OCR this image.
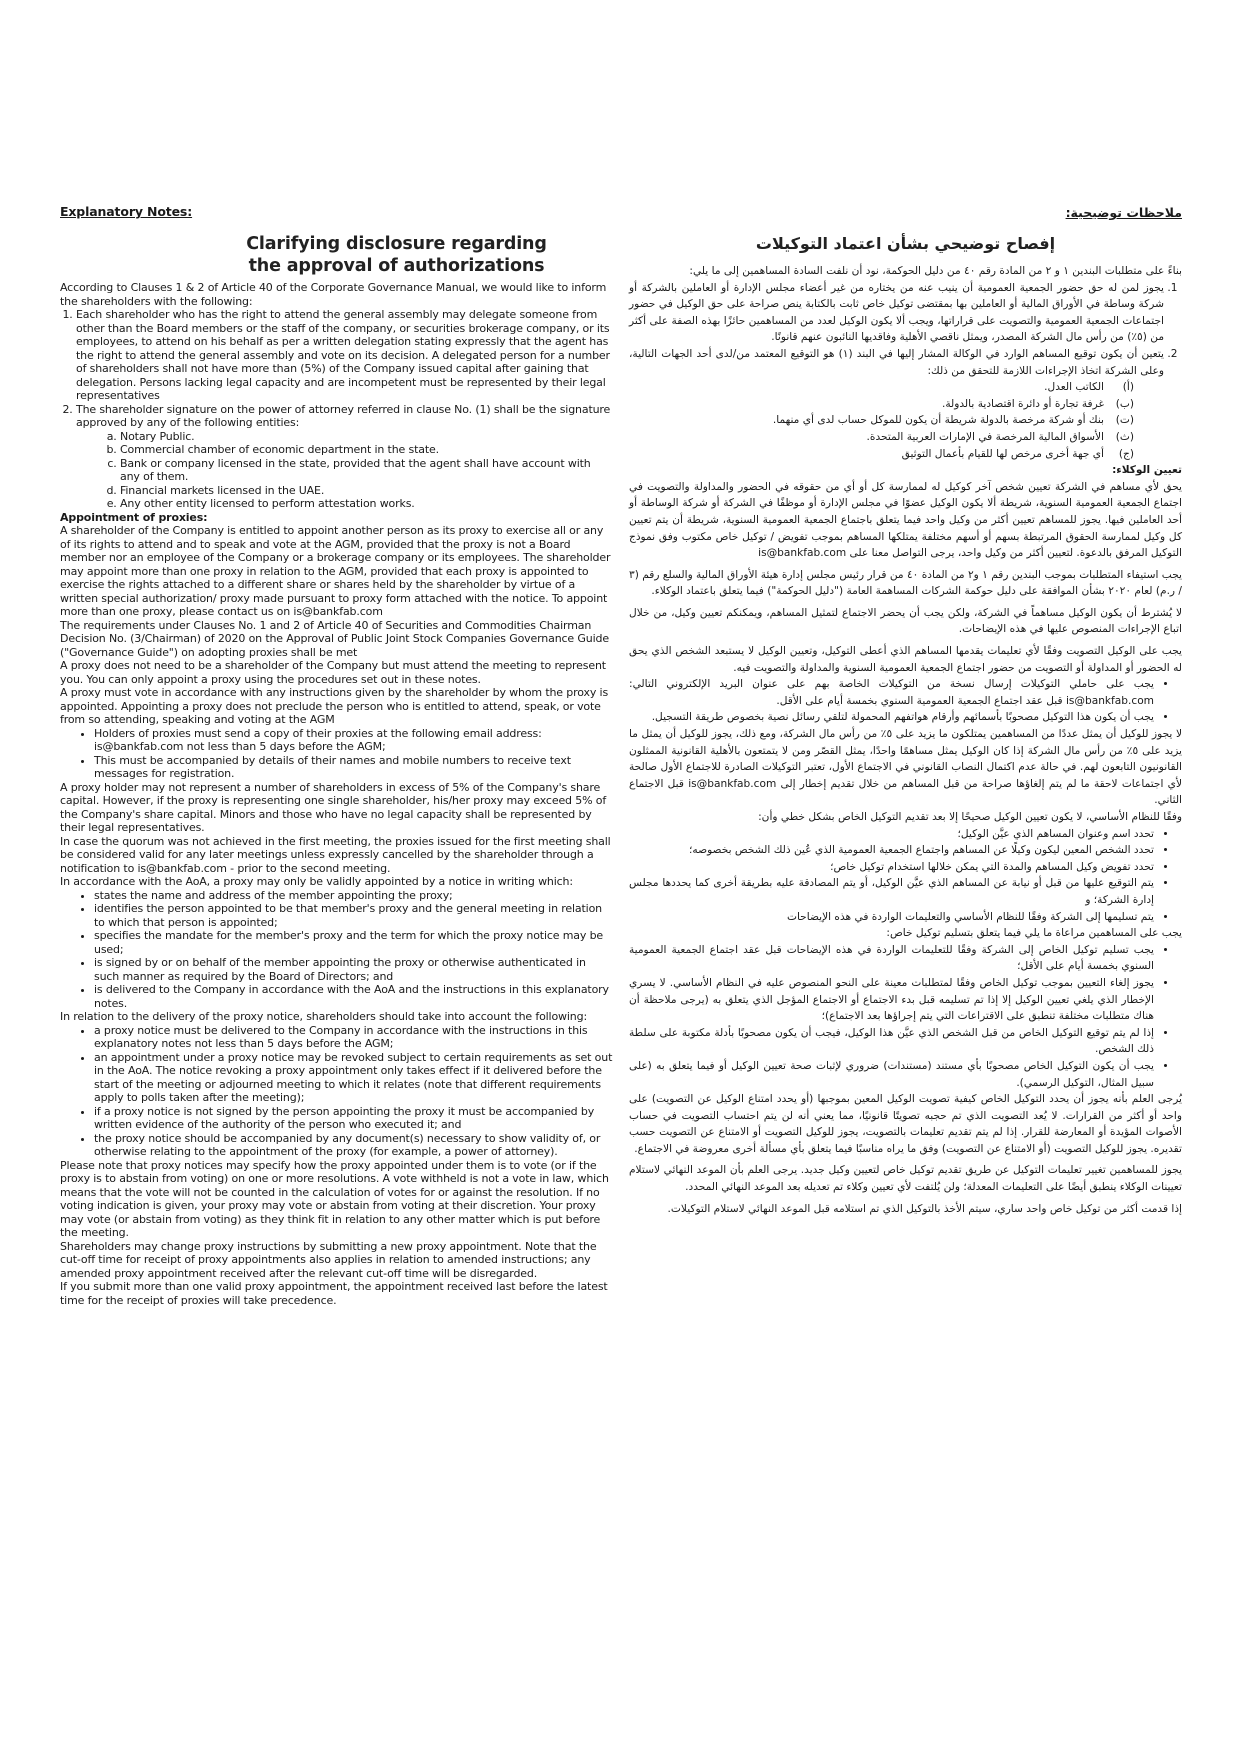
Explanatory Notes:
Clarifying disclosure regarding
the approval of authorizations

According to Clauses 1 & 2 of Article 40 of the Corporate Governance Manual, we would like to inform the shareholders with the following:

1. Each shareholder who has the right to attend the general assembly may delegate someone from other than the Board members or the staff of the company, or securities brokerage company, or its employees, to attend on his behalf as per a written delegation stating expressly that the agent has the right to attend the general assembly and vote on its decision. A delegated person for a number of shareholders shall not have more than (5%) of the Company issued capital after gaining that delegation. Persons lacking legal capacity and are incompetent must be represented by their legal representatives
2. The shareholder signature on the power of attorney referred in clause No. (1) shall be the signature approved by any of the following entities:
a. Notary Public.
b. Commercial chamber of economic department in the state.
c. Bank or company licensed in the state, provided that the agent shall have account with any of them.
d. Financial markets licensed in the UAE.
e. Any other entity licensed to perform attestation works.

Appointment of proxies:

A shareholder of the Company is entitled to appoint another person as its proxy to exercise all or any of its rights to attend and to speak and vote at the AGM, provided that the proxy is not a Board member nor an employee of the Company or a brokerage company or its employees. The shareholder may appoint more than one proxy in relation to the AGM, provided that each proxy is appointed to exercise the rights attached to a different share or shares held by the shareholder by virtue of a written special authorization/ proxy made pursuant to proxy form attached with the notice. To appoint more than one proxy, please contact us on is@bankfab.com

The requirements under Clauses No. 1 and 2 of Article 40 of Securities and Commodities Chairman Decision No. (3/Chairman) of 2020 on the Approval of Public Joint Stock Companies Governance Guide ("Governance Guide") on adopting proxies shall be met

A proxy does not need to be a shareholder of the Company but must attend the meeting to represent you. You can only appoint a proxy using the procedures set out in these notes.

A proxy must vote in accordance with any instructions given by the shareholder by whom the proxy is appointed. Appointing a proxy does not preclude the person who is entitled to attend, speak, or vote from so attending, speaking and voting at the AGM

• Holders of proxies must send a copy of their proxies at the following email address: is@bankfab.com not less than 5 days before the AGM;
• This must be accompanied by details of their names and mobile numbers to receive text messages for registration.

A proxy holder may not represent a number of shareholders in excess of 5% of the Company's share capital. However, if the proxy is representing one single shareholder, his/her proxy may exceed 5% of the Company's share capital. Minors and those who have no legal capacity shall be represented by their legal representatives.

In case the quorum was not achieved in the first meeting, the proxies issued for the first meeting shall be considered valid for any later meetings unless expressly cancelled by the shareholder through a notification to is@bankfab.com - prior to the second meeting.

In accordance with the AoA, a proxy may only be validly appointed by a notice in writing which:

• states the name and address of the member appointing the proxy;
• identifies the person appointed to be that member's proxy and the general meeting in relation to which that person is appointed;
• specifies the mandate for the member's proxy and the term for which the proxy notice may be used;
• is signed by or on behalf of the member appointing the proxy or otherwise authenticated in such manner as required by the Board of Directors; and
• is delivered to the Company in accordance with the AoA and the instructions in this explanatory notes.

In relation to the delivery of the proxy notice, shareholders should take into account the following:

• a proxy notice must be delivered to the Company in accordance with the instructions in this explanatory notes not less than 5 days before the AGM;
• an appointment under a proxy notice may be revoked subject to certain requirements as set out in the AoA. The notice revoking a proxy appointment only takes effect if it delivered before the start of the meeting or adjourned meeting to which it relates (note that different requirements apply to polls taken after the meeting);
• if a proxy notice is not signed by the person appointing the proxy it must be accompanied by written evidence of the authority of the person who executed it; and
• the proxy notice should be accompanied by any document(s) necessary to show validity of, or otherwise relating to the appointment of the proxy (for example, a power of attorney).

Please note that proxy notices may specify how the proxy appointed under them is to vote (or if the proxy is to abstain from voting) on one or more resolutions. A vote withheld is not a vote in law, which means that the vote will not be counted in the calculation of votes for or against the resolution. If no voting indication is given, your proxy may vote or abstain from voting at their discretion. Your proxy may vote (or abstain from voting) as they think fit in relation to any other matter which is put before the meeting.

Shareholders may change proxy instructions by submitting a new proxy appointment. Note that the cut-off time for receipt of proxy appointments also applies in relation to amended instructions; any amended proxy appointment received after the relevant cut-off time will be disregarded.

If you submit more than one valid proxy appointment, the appointment received last before the latest time for the receipt of proxies will take precedence.

ملاحظات توضيحية:
إفصاح توضيحي بشأن اعتماد التوكيلات

بناءً على متطلبات البندين ١ و ٢ من المادة رقم ٤٠ من دليل الحوكمة، نود أن نلفت السادة المساهمين إلى ما يلي:

1. يجوز لمن له حق حضور الجمعية العمومية أن ينيب عنه من يختاره من غير أعضاء مجلس الإدارة أو العاملين بالشركة أو شركة وساطة في الأوراق المالية أو العاملين بها بمقتضى توكيل خاص ثابت بالكتابة ينص صراحة على حق الوكيل في حضور اجتماعات الجمعية العمومية والتصويت على قراراتها، ويجب ألا يكون الوكيل لعدد من المساهمين حائزًا بهذه الصفة على أكثر من (٥٪) من رأس مال الشركة المصدر، ويمثل ناقصي الأهلية وفاقديها النائبون عنهم قانونًا.
2. يتعين أن يكون توقيع المساهم الوارد في الوكالة المشار إليها في البند (١) هو التوقيع المعتمد من/لدى أحد الجهات التالية، وعلى الشركة اتخاذ الإجراءات اللازمة للتحقق من ذلك:
(أ)الكاتب العدل.
(ب)غرفة تجارة أو دائرة اقتصادية بالدولة.
(ت)بنك أو شركة مرخصة بالدولة شريطة أن يكون للموكل حساب لدى أي منهما.
(ث)الأسواق المالية المرخصة في الإمارات العربية المتحدة.
(ج)أي جهة أخرى مرخص لها للقيام بأعمال التوثيق

تعيين الوكلاء:

يحق لأي مساهم في الشركة تعيين شخص آخر كوكيل له لممارسة كل أو أي من حقوقه في الحضور والمداولة والتصويت في اجتماع الجمعية العمومية السنوية، شريطة ألا يكون الوكيل عضوًا في مجلس الإدارة أو موظفًا في الشركة أو شركة الوساطة أو أحد العاملين فيها. يجوز للمساهم تعيين أكثر من وكيل واحد فيما يتعلق باجتماع الجمعية العمومية السنوية، شريطة أن يتم تعيين كل وكيل لممارسة الحقوق المرتبطة بسهم أو أسهم مختلفة يمتلكها المساهم بموجب تفويض / توكيل خاص مكتوب وفق نموذج التوكيل المرفق بالدعوة. لتعيين أكثر من وكيل واحد، يرجى التواصل معنا على is@bankfab.com

يجب استيفاء المتطلبات بموجب البندين رقم ١ و٢ من المادة ٤٠ من قرار رئيس مجلس إدارة هيئة الأوراق المالية والسلع رقم (٣ / ر.م) لعام ٢٠٢٠ بشأن الموافقة على دليل حوكمة الشركات المساهمة العامة ("دليل الحوكمة") فيما يتعلق باعتماد الوكلاء.

لا يُشترط أن يكون الوكيل مساهماً في الشركة، ولكن يجب أن يحضر الاجتماع لتمثيل المساهم، ويمكنكم تعيين وكيل، من خلال اتباع الإجراءات المنصوص عليها في هذه الإيضاحات.

يجب على الوكيل التصويت وفقًا لأي تعليمات يقدمها المساهم الذي أعطى التوكيل، وتعيين الوكيل لا يستبعد الشخص الذي يحق له الحضور أو المداولة أو التصويت من حضور اجتماع الجمعية العمومية السنوية والمداولة والتصويت فيه.

• يجب على حاملي التوكيلات إرسال نسخة من التوكيلات الخاصة بهم على عنوان البريد الإلكتروني التالي: is@bankfab.com قبل عقد اجتماع الجمعية العمومية السنوي بخمسة أيام على الأقل.
• يجب أن يكون هذا التوكيل مصحوبًا بأسمائهم وأرقام هواتفهم المحمولة لتلقي رسائل نصية بخصوص طريقة التسجيل.

لا يجوز للوكيل أن يمثل عددًا من المساهمين يمتلكون ما يزيد على ٥٪ من رأس مال الشركة، ومع ذلك، يجوز للوكيل أن يمثل ما يزيد على ٥٪ من رأس مال الشركة إذا كان الوكيل يمثل مساهمًا واحدًا، يمثل القصّر ومن لا يتمتعون بالأهلية القانونية الممثلون القانونيون التابعون لهم. في حالة عدم اكتمال النصاب القانوني في الاجتماع الأول، تعتبر التوكيلات الصادرة للاجتماع الأول صالحة لأي اجتماعات لاحقة ما لم يتم إلغاؤها صراحة من قبل المساهم من خلال تقديم إخطار إلى is@bankfab.com قبل الاجتماع الثاني.

وفقًا للنظام الأساسي، لا يكون تعيين الوكيل صحيحًا إلا بعد تقديم التوكيل الخاص بشكل خطي وأن:

• تحدد اسم وعنوان المساهم الذي عيَّن الوكيل؛
• تحدد الشخص المعين ليكون وكيلًا عن المساهم واجتماع الجمعية العمومية الذي عُين ذلك الشخص بخصوصه؛
• تحدد تفويض وكيل المساهم والمدة التي يمكن خلالها استخدام توكيل خاص؛
• يتم التوقيع عليها من قبل أو نيابة عن المساهم الذي عيَّن الوكيل، أو يتم المصادقة عليه بطريقة أخرى كما يحددها مجلس إدارة الشركة؛ و
• يتم تسليمها إلى الشركة وفقًا للنظام الأساسي والتعليمات الواردة في هذه الإيضاحات

يجب على المساهمين مراعاة ما يلي فيما يتعلق بتسليم توكيل خاص:

• يجب تسليم توكيل الخاص إلى الشركة وفقًا للتعليمات الواردة في هذه الإيضاحات قبل عقد اجتماع الجمعية العمومية السنوي بخمسة أيام على الأقل؛
• يجوز إلغاء التعيين بموجب توكيل الخاص وفقًا لمتطلبات معينة على النحو المنصوص عليه في النظام الأساسي. لا يسري الإخطار الذي يلغي تعيين الوكيل إلا إذا تم تسليمه قبل بدء الاجتماع أو الاجتماع المؤجل الذي يتعلق به (يرجى ملاحظة أن هناك متطلبات مختلفة تنطبق على الاقتراعات التي يتم إجراؤها بعد الاجتماع)؛
• إذا لم يتم توقيع التوكيل الخاص من قبل الشخص الذي عيَّن هذا الوكيل، فيجب أن يكون مصحوبًا بأدلة مكتوبة على سلطة ذلك الشخص.
• يجب أن يكون التوكيل الخاص مصحوبًا بأي مستند (مستندات) ضروري لإثبات صحة تعيين الوكيل أو فيما يتعلق به (على سبيل المثال، التوكيل الرسمي).

يُرجى العلم بأنه يجوز أن يحدد التوكيل الخاص كيفية تصويت الوكيل المعين بموجبها (أو يحدد امتناع الوكيل عن التصويت) على واحد أو أكثر من القرارات. لا يُعد التصويت الذي تم حجبه تصويتًا قانونيًا، مما يعني أنه لن يتم احتساب التصويت في حساب الأصوات المؤيدة أو المعارضة للقرار. إذا لم يتم تقديم تعليمات بالتصويت، يجوز للوكيل التصويت أو الامتناع عن التصويت حسب تقديره. يجوز للوكيل التصويت (أو الامتناع عن التصويت) وفق ما يراه مناسبًا فيما يتعلق بأي مسألة أخرى معروضة في الاجتماع.

يجوز للمساهمين تغيير تعليمات التوكيل عن طريق تقديم توكيل خاص لتعيين وكيل جديد. يرجى العلم بأن الموعد النهائي لاستلام تعيينات الوكلاء ينطبق أيضًا على التعليمات المعدلة؛ ولن يُلتفت لأي تعيين وكلاء تم تعديله بعد الموعد النهائي المحدد.

إذا قدمت أكثر من توكيل خاص واحد ساري، سيتم الأخذ بالتوكيل الذي تم استلامه قبل الموعد النهائي لاستلام التوكيلات.
